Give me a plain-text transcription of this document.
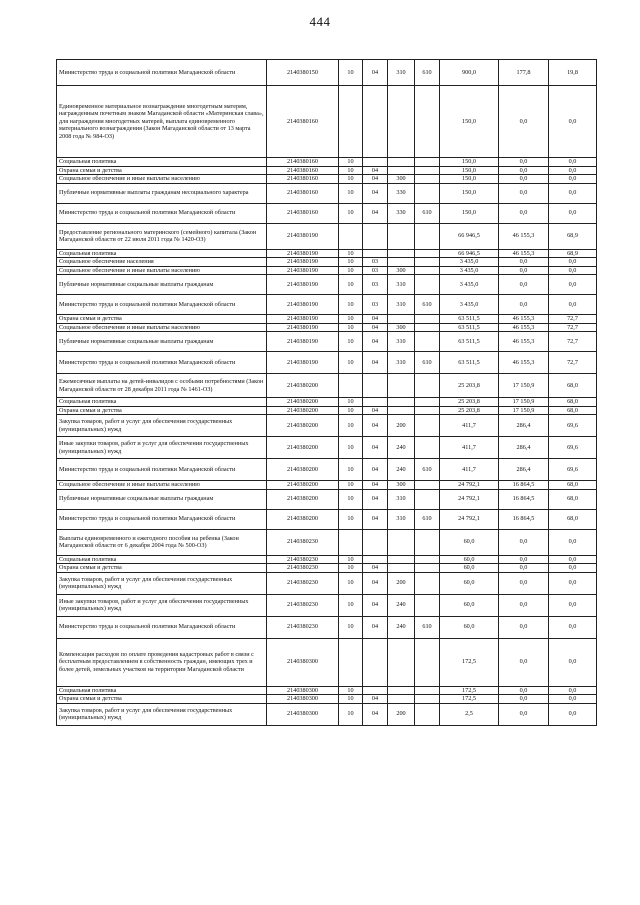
444
Министерство труда и социальной политики Магаданской области	2140380150	10	04	310	610	900,0	177,8	19,8
Единовременное материальное вознаграждение многодетным матерям, награжденным почетным знаком Магаданской области «Материнская слава», для награждения многодетных матерей, выплата единовременного материального вознаграждения (Закон Магаданской области от 13 марта 2008 года № 984-ОЗ)	2140380160					150,0	0,0	0,0
Социальная политика	2140380160	10				150,0	0,0	0,0
Охрана семьи и детства	2140380160	10	04			150,0	0,0	0,0
Социальное обеспечение и иные выплаты населению	2140380160	10	04	300		150,0	0,0	0,0
Публичные нормативные выплаты гражданам несоциального характера	2140380160	10	04	330		150,0	0,0	0,0
Министерство труда и социальной политики Магаданской области	2140380160	10	04	330	610	150,0	0,0	0,0
Предоставление регионального материнского (семейного) капитала (Закон Магаданской области от 22 июля 2011 года № 1420-ОЗ)	2140380190					66 946,5	46 155,3	68,9
Социальная политика	2140380190	10				66 946,5	46 155,3	68,9
Социальное обеспечение населения	2140380190	10	03			3 435,0	0,0	0,0
Социальное обеспечение и иные выплаты населению	2140380190	10	03	300		3 435,0	0,0	0,0
Публичные нормативные социальные выплаты гражданам	2140380190	10	03	310		3 435,0	0,0	0,0
Министерство труда и социальной политики Магаданской области	2140380190	10	03	310	610	3 435,0	0,0	0,0
Охрана семьи и детства	2140380190	10	04			63 511,5	46 155,3	72,7
Социальное обеспечение и иные выплаты населению	2140380190	10	04	300		63 511,5	46 155,3	72,7
Публичные нормативные социальные выплаты гражданам	2140380190	10	04	310		63 511,5	46 155,3	72,7
Министерство труда и социальной политики Магаданской области	2140380190	10	04	310	610	63 511,5	46 155,3	72,7
Ежемесячные выплаты на детей-инвалидов с особыми потребностями (Закон Магаданской области от 28 декабря 2011 года № 1461-ОЗ)	2140380200					25 203,8	17 150,9	68,0
Социальная политика	2140380200	10				25 203,8	17 150,9	68,0
Охрана семьи и детства	2140380200	10	04			25 203,8	17 150,9	68,0
Закупка товаров, работ и услуг для обеспечения государственных (муниципальных) нужд	2140380200	10	04	200		411,7	286,4	69,6
Иные закупки товаров, работ и услуг для обеспечения государственных (муниципальных) нужд	2140380200	10	04	240		411,7	286,4	69,6
Министерство труда и социальной политики Магаданской области	2140380200	10	04	240	610	411,7	286,4	69,6
Социальное обеспечение и иные выплаты населению	2140380200	10	04	300		24 792,1	16 864,5	68,0
Публичные нормативные социальные выплаты гражданам	2140380200	10	04	310		24 792,1	16 864,5	68,0
Министерство труда и социальной политики Магаданской области	2140380200	10	04	310	610	24 792,1	16 864,5	68,0
Выплаты единовременного и ежегодного пособия на ребенка (Закон Магаданской области от 6 декабря 2004 года № 500-ОЗ)	2140380230					60,0	0,0	0,0
Социальная политика	2140380230	10				60,0	0,0	0,0
Охрана семьи и детства	2140380230	10	04			60,0	0,0	0,0
Закупка товаров, работ и услуг для обеспечения государственных (муниципальных) нужд	2140380230	10	04	200		60,0	0,0	0,0
Иные закупки товаров, работ и услуг для обеспечения государственных (муниципальных) нужд	2140380230	10	04	240		60,0	0,0	0,0
Министерство труда и социальной политики Магаданской области	2140380230	10	04	240	610	60,0	0,0	0,0
Компенсация расходов по оплате проведения кадастровых работ в связи с бесплатным предоставлением в собственность граждан, имеющих трех и более детей, земельных участков на территории Магаданской области	2140380300					172,5	0,0	0,0
Социальная политика	2140380300	10				172,5	0,0	0,0
Охрана семьи и детства	2140380300	10	04			172,5	0,0	0,0
Закупка товаров, работ и услуг для обеспечения государственных (муниципальных) нужд	2140380300	10	04	200		2,5	0,0	0,0
